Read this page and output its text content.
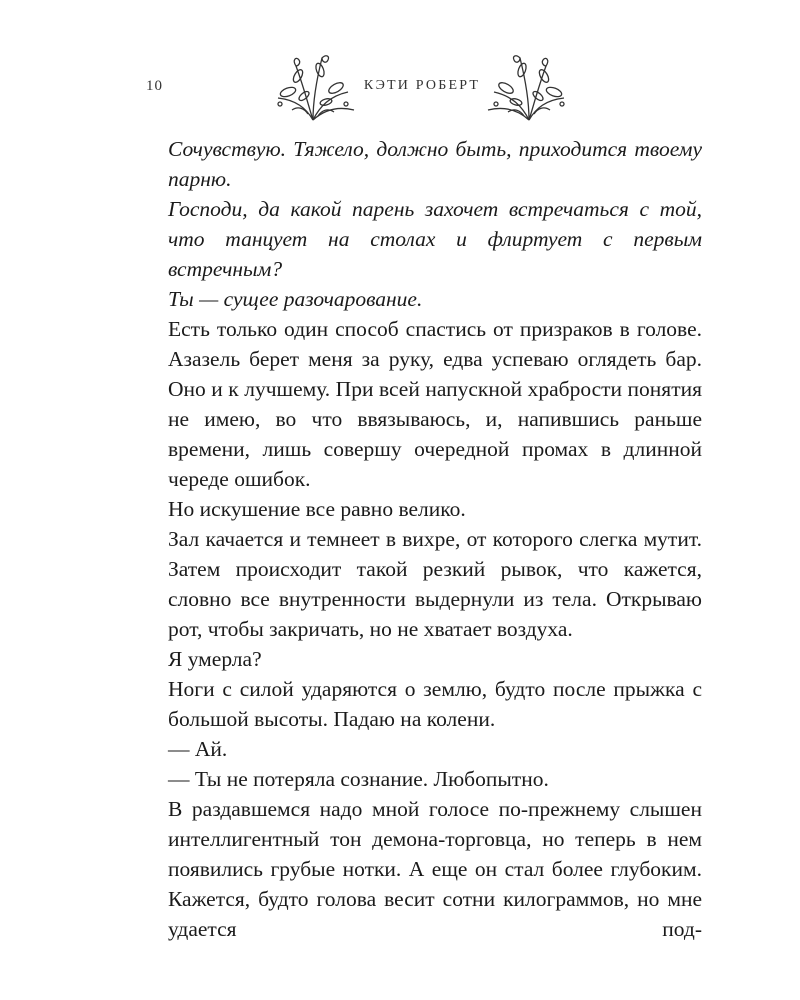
10	КЭТИ РОБЕРТ

Сочувствую. Тяжело, должно быть, приходится твоему парню.

Господи, да какой парень захочет встречаться с той, что танцует на столах и флиртует с первым встречным?

Ты — сущее разочарование.

Есть только один способ спастись от призраков в голове. Азазель берет меня за руку, едва успеваю оглядеть бар. Оно и к лучшему. При всей напускной храбрости понятия не имею, во что ввязываюсь, и, напившись раньше времени, лишь совершу очередной промах в длинной череде ошибок.

Но искушение все равно велико.

Зал качается и темнеет в вихре, от которого слегка мутит. Затем происходит такой резкий рывок, что кажется, словно все внутренности выдернули из тела. Открываю рот, чтобы закричать, но не хватает воздуха.

Я умерла?

Ноги с силой ударяются о землю, будто после прыжка с большой высоты. Падаю на колени.

— Ай.

— Ты не потеряла сознание. Любопытно.

В раздавшемся надо мной голосе по-прежнему слышен интеллигентный тон демона-торговца, но теперь в нем появились грубые нотки. А еще он стал более глубоким. Кажется, будто голова весит сотни килограммов, но мне удается под-
